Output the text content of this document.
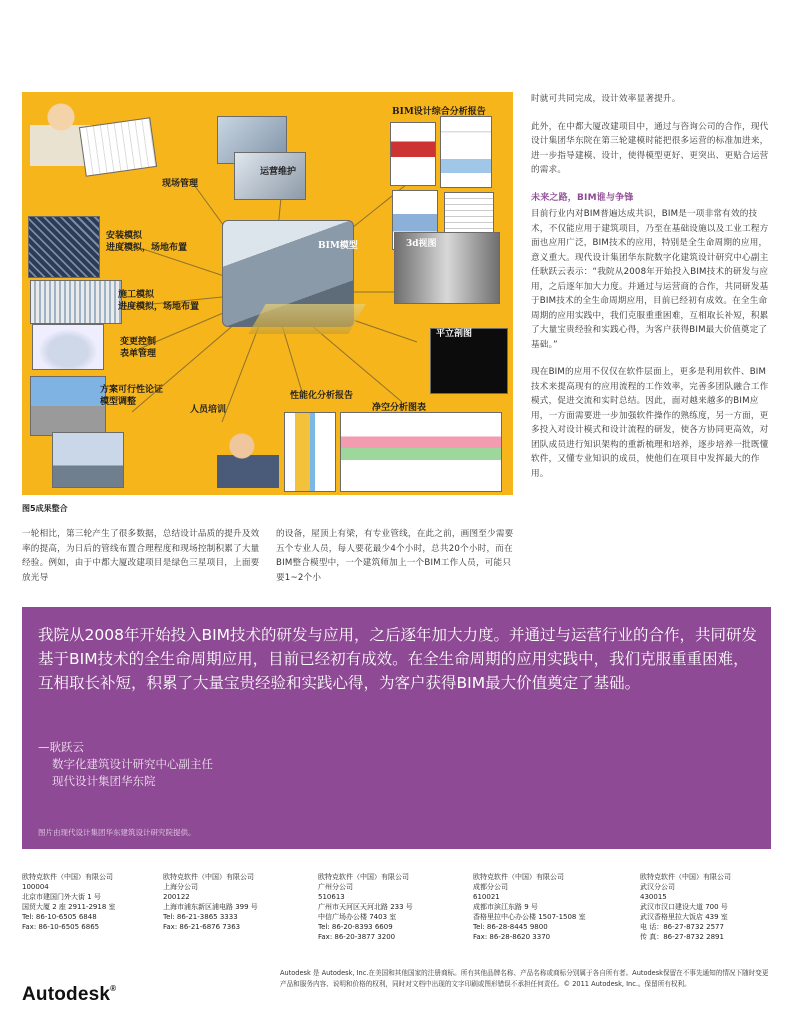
BIM设计综合分析报告
运营维护
现场管理
安装模拟
进度模拟，场地布置
施工模拟
进度模拟，场地布置
变更控制
表单管理
方案可行性论证
模型调整
人员培训
性能化分析报告
净空分析图表
BIM模型	3d视图
平立剖图
图5成果整合
一轮相比，第三轮产生了很多数据，总结设计品质的提升及效率的提高，为日后的管线布置合理程度和现场控制积累了大量经验。例如，由于中都大厦改建项目是绿色三星项目，上面要放光导
的设备，屋顶上有梁，有专业管线，在此之前，画图至少需要五个专业人员，每人要花最少4个小时，总共20个小时，而在BIM整合模型中，一个建筑师加上一个BIM工作人员，可能只要1~2个小

时就可共同完成，设计效率显著提升。

此外，在中都大厦改建项目中，通过与咨询公司的合作，现代设计集团华东院在第三轮建模时能把很多运营的标准加进来，进一步指导建模、设计，使得模型更好、更突出、更贴合运营的需求。

未来之路，BIM谁与争锋

目前行业内对BIM普遍达成共识，BIM是一项非常有效的技术，不仅能应用于建筑项目，乃至在基础设施以及工业工程方面也应用广泛，BIM技术的应用，特别是全生命周期的应用，意义重大。现代设计集团华东院数字化建筑设计研究中心副主任耿跃云表示：“我院从2008年开始投入BIM技术的研发与应用，之后逐年加大力度。并通过与运营商的合作，共同研发基于BIM技术的全生命周期应用，目前已经初有成效。在全生命周期的应用实践中，我们克服重重困难，互相取长补短，积累了大量宝贵经验和实践心得，为客户获得BIM最大价值奠定了基础。”

现在BIM的应用不仅仅在软件层面上，更多是利用软件、BIM技术来提高现有的应用流程的工作效率，完善多团队融合工作模式，促进交流和实时总结。因此，面对越来越多的BIM应用，一方面需要进一步加强软件操作的熟练度，另一方面，更多投入对设计模式和设计流程的研发，使各方协同更高效，对团队成员进行知识架构的重新梳理和培养，逐步培养一批既懂软件，又懂专业知识的成员，使他们在项目中发挥最大的作用。

我院从2008年开始投入BIM技术的研发与应用，之后逐年加大力度。并通过与运营行业的合作，共同研发基于BIM技术的全生命周期应用，目前已经初有成效。在全生命周期的应用实践中，我们克服重重困难，互相取长补短，积累了大量宝贵经验和实践心得，为客户获得BIM最大价值奠定了基础。
—耿跃云
数字化建筑设计研究中心副主任
现代设计集团华东院
图片由现代设计集团华东建筑设计研究院提供。
欧特克软件（中国）有限公司
100004
北京市建国门外大街 1 号
国贸大厦 2 座 2911-2918 室
Tel: 86-10-6505 6848
Fax: 86-10-6505 6865
欧特克软件（中国）有限公司
上海分公司
200122
上海市浦东新区浦电路 399 号
Tel: 86-21-3865 3333
Fax: 86-21-6876 7363
欧特克软件（中国）有限公司
广州分公司
510613
广州市天河区天河北路 233 号
中信广场办公楼 7403 室
Tel: 86-20-8393 6609
Fax: 86-20-3877 3200
欧特克软件（中国）有限公司
成都分公司
610021
成都市滨江东路 9 号
香格里拉中心办公楼 1507-1508 室
Tel: 86-28-8445 9800
Fax: 86-28-8620 3370
欧特克软件（中国）有限公司
武汉分公司
430015
武汉市汉口建设大道 700 号
武汉香格里拉大饭店 439 室
电 话：86-27-8732 2577
传 真：86-27-8732 2891
Autodesk 是 Autodesk, Inc.在美国和其他国家的注册商标。所有其他品牌名称、产品名称或商标分别属于各自所有者。Autodesk保留在不事先通知的情况下随时变更产品和服务内容、说明和价格的权利，同时对文档中出现的文字印刷或图形错误不承担任何责任。© 2011 Autodesk, Inc.。保留所有权利。
Autodesk®
